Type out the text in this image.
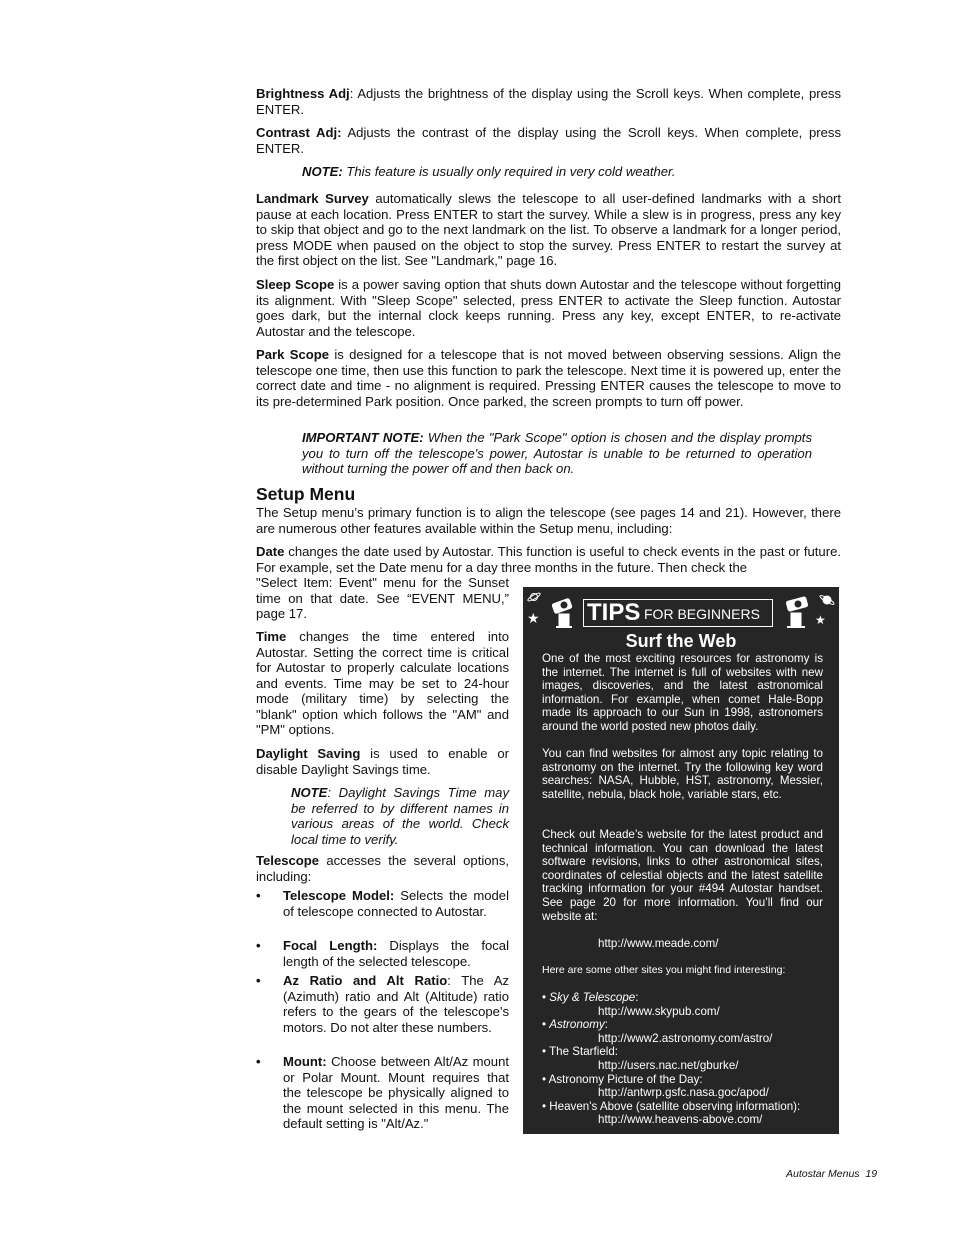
Brightness Adj: Adjusts the brightness of the display using the Scroll keys. When complete, press ENTER.

Contrast Adj: Adjusts the contrast of the display using the Scroll keys. When complete, press ENTER.

NOTE: This feature is usually only required in very cold weather.

Landmark Survey automatically slews the telescope to all user-defined landmarks with a short pause at each location. Press ENTER to start the survey. While a slew is in progress, press any key to skip that object and go to the next landmark on the list. To observe a landmark for a longer period, press MODE when paused on the object to stop the survey. Press ENTER to restart the survey at the first object on the list. See "Landmark," page 16.

Sleep Scope is a power saving option that shuts down Autostar and the telescope without forgetting its alignment. With "Sleep Scope" selected, press ENTER to activate the Sleep function. Autostar goes dark, but the internal clock keeps running. Press any key, except ENTER, to re-activate Autostar and the telescope.

Park Scope is designed for a telescope that is not moved between observing sessions. Align the telescope one time, then use this function to park the telescope. Next time it is powered up, enter the correct date and time - no alignment is required. Pressing ENTER causes the telescope to move to its pre-determined Park position. Once parked, the screen prompts to turn off power.

IMPORTANT NOTE: When the "Park Scope" option is chosen and the display prompts you to turn off the telescope's power, Autostar is unable to be returned to operation without turning the power off and then back on.

Setup Menu

The Setup menu’s primary function is to align the telescope (see pages 14 and 21). However, there are numerous other features available within the Setup menu, including:

Date changes the date used by Autostar. This function is useful to check events in the past or future. For example, set the Date menu for a day three months in the future. Then check the

"Select Item: Event" menu for the Sunset time on that date. See “EVENT MENU,” page 17.

Time changes the time entered into Autostar. Setting the correct time is critical for Autostar to properly calculate locations and events. Time may be set to 24-hour mode (military time) by selecting the "blank" option which follows the "AM" and "PM" options.

Daylight Saving is used to enable or disable Daylight Savings time.

NOTE: Daylight Savings Time may be referred to by different names in various areas of the world. Check local time to verify.

Telescope accesses the several options, including:

• Telescope Model: Selects the model of telescope connected to Autostar.
• Focal Length: Displays the focal length of the selected telescope.
• Az Ratio and Alt Ratio: The Az (Azimuth) ratio and Alt (Altitude) ratio refers to the gears of the telescope's motors. Do not alter these numbers.
• Mount: Choose between Alt/Az mount or Polar Mount. Mount requires that the telescope be physically aligned to the mount selected in this menu. The default setting is "Alt/Az."
★	★
TIPS FOR BEGINNERS
Surf the Web

One of the most exciting resources for astronomy is the internet. The internet is full of websites with new images, discoveries, and the latest astronomical information. For example, when comet Hale-Bopp made its approach to our Sun in 1998, astronomers around the world posted new photos daily.

You can find websites for almost any topic relating to astronomy on the internet. Try the following key word searches: NASA, Hubble, HST, astronomy, Messier, satellite, nebula, black hole, variable stars, etc.

Check out Meade’s website for the latest product and technical information. You can download the latest software revisions, links to other astronomical sites, coordinates of celestial objects and the latest satellite tracking information for your #494 Autostar handset. See page 20 for more information. You’ll find our website at:

http://www.meade.com/

Here are some other sites you might find interesting:

• Sky & Telescope:
http://www.skypub.com/
• Astronomy:
http://www2.astronomy.com/astro/
• The Starfield:
http://users.nac.net/gburke/
• Astronomy Picture of the Day:
http://antwrp.gsfc.nasa.goc/apod/
• Heaven's Above (satellite observing information):
http://www.heavens-above.com/
Autostar Menus 19
